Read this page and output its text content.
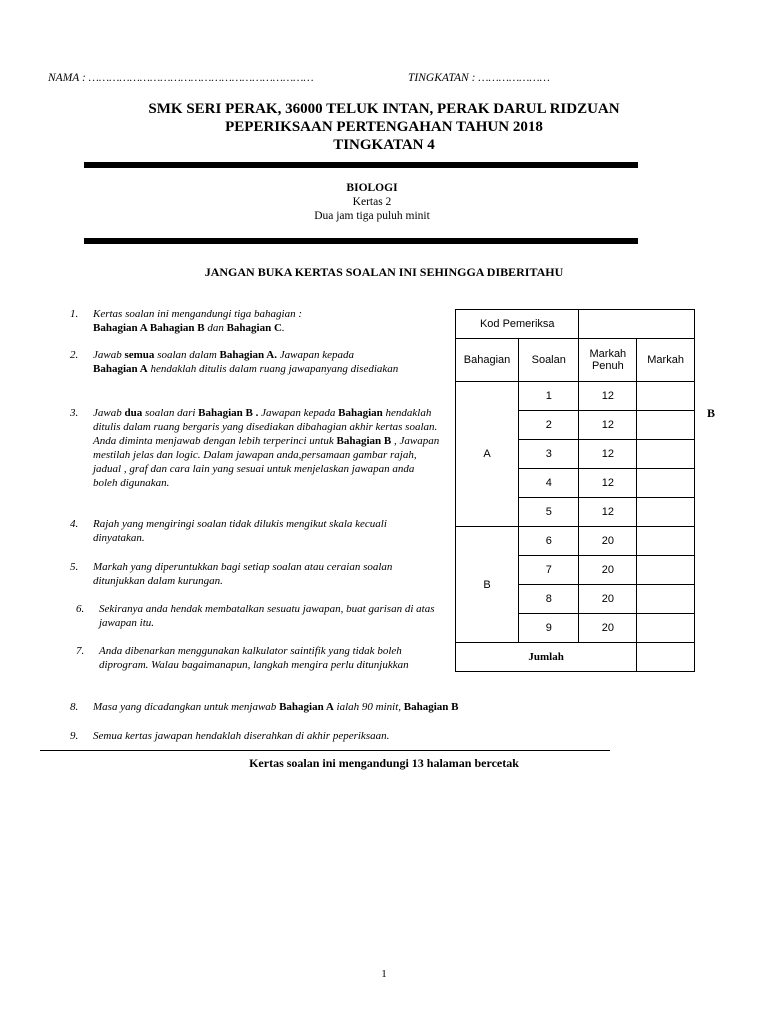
NAMA : …………………………………………………………	TINGKATAN : …………………
SMK SERI PERAK, 36000 TELUK INTAN, PERAK DARUL RIDZUAN
PEPERIKSAAN PERTENGAHAN TAHUN 2018
TINGKATAN 4
BIOLOGI
Kertas 2
Dua jam tiga puluh minit
JANGAN BUKA KERTAS SOALAN INI SEHINGGA DIBERITAHU
1. Kertas soalan ini mengandungi tiga bahagian :
Bahagian A Bahagian B dan Bahagian C.
2. Jawab semua soalan dalam Bahagian A. Jawapan kepada
Bahagian A hendaklah ditulis dalam ruang jawapanyang disediakan
3. Jawab dua soalan dari Bahagian B . Jawapan kepada Bahagian hendaklah ditulis dalam ruang bergaris yang disediakan dibahagian akhir kertas soalan. Anda diminta menjawab dengan lebih terperinci untuk Bahagian B , Jawapan mestilah jelas dan logic. Dalam jawapan anda,persamaan gambar rajah, jadual , graf dan cara lain yang sesuai untuk menjelaskan jawapan anda boleh digunakan.
4. Rajah yang mengiringi soalan tidak dilukis mengikut skala kecuali dinyatakan.
5. Markah yang diperuntukkan bagi setiap soalan atau ceraian soalan ditunjukkan dalam kurungan.
6. Sekiranya anda hendak membatalkan sesuatu jawapan, buat garisan di atas jawapan itu.
7. Anda dibenarkan menggunakan kalkulator saintifik yang tidak boleh diprogram. Walau bagaimanapun, langkah mengira perlu ditunjukkan
8. Masa yang dicadangkan untuk menjawab Bahagian A ialah 90 minit, Bahagian B
9. Semua kertas jawapan hendaklah diserahkan di akhir peperiksaan.
Kertas soalan ini mengandungi 13 halaman bercetak
Kod Pemeriksa			
Bahagian	Soalan	Markah Penuh	Markah
A	1	12	
	2	12	
	3	12	
	4	12	
	5	12	
B	6	20	
	7	20	
	8	20	
	9	20	
Jumlah			
B
1
